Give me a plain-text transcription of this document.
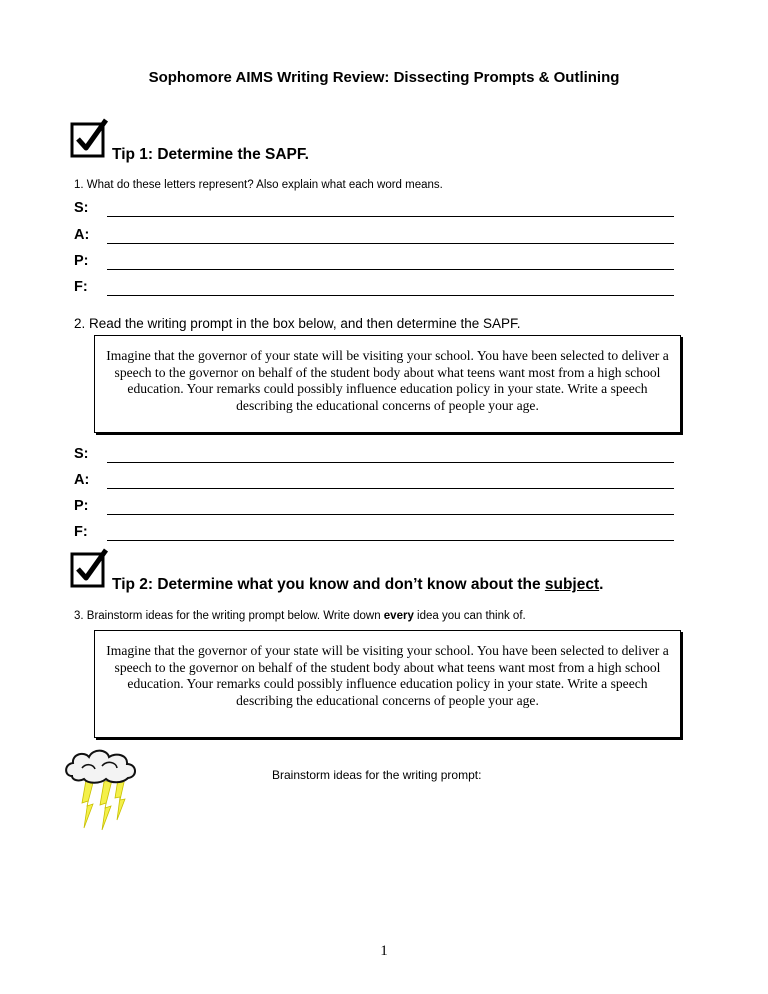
Sophomore AIMS Writing Review: Dissecting Prompts & Outlining
Tip 1: Determine the SAPF.
1. What do these letters represent? Also explain what each word means.
S:
A:
P:
F:
2. Read the writing prompt in the box below, and then determine the SAPF.
Imagine that the governor of your state will be visiting your school. You have been selected to deliver a speech to the governor on behalf of the student body about what teens want most from a high school education. Your remarks could possibly influence education policy in your state. Write a speech describing the educational concerns of people your age.
S:
A:
P:
F:
Tip 2: Determine what you know and don’t know about the subject.
3. Brainstorm ideas for the writing prompt below. Write down every idea you can think of.
Imagine that the governor of your state will be visiting your school. You have been selected to deliver a speech to the governor on behalf of the student body about what teens want most from a high school education. Your remarks could possibly influence education policy in your state. Write a speech describing the educational concerns of people your age.
Brainstorm ideas for the writing prompt:
1
